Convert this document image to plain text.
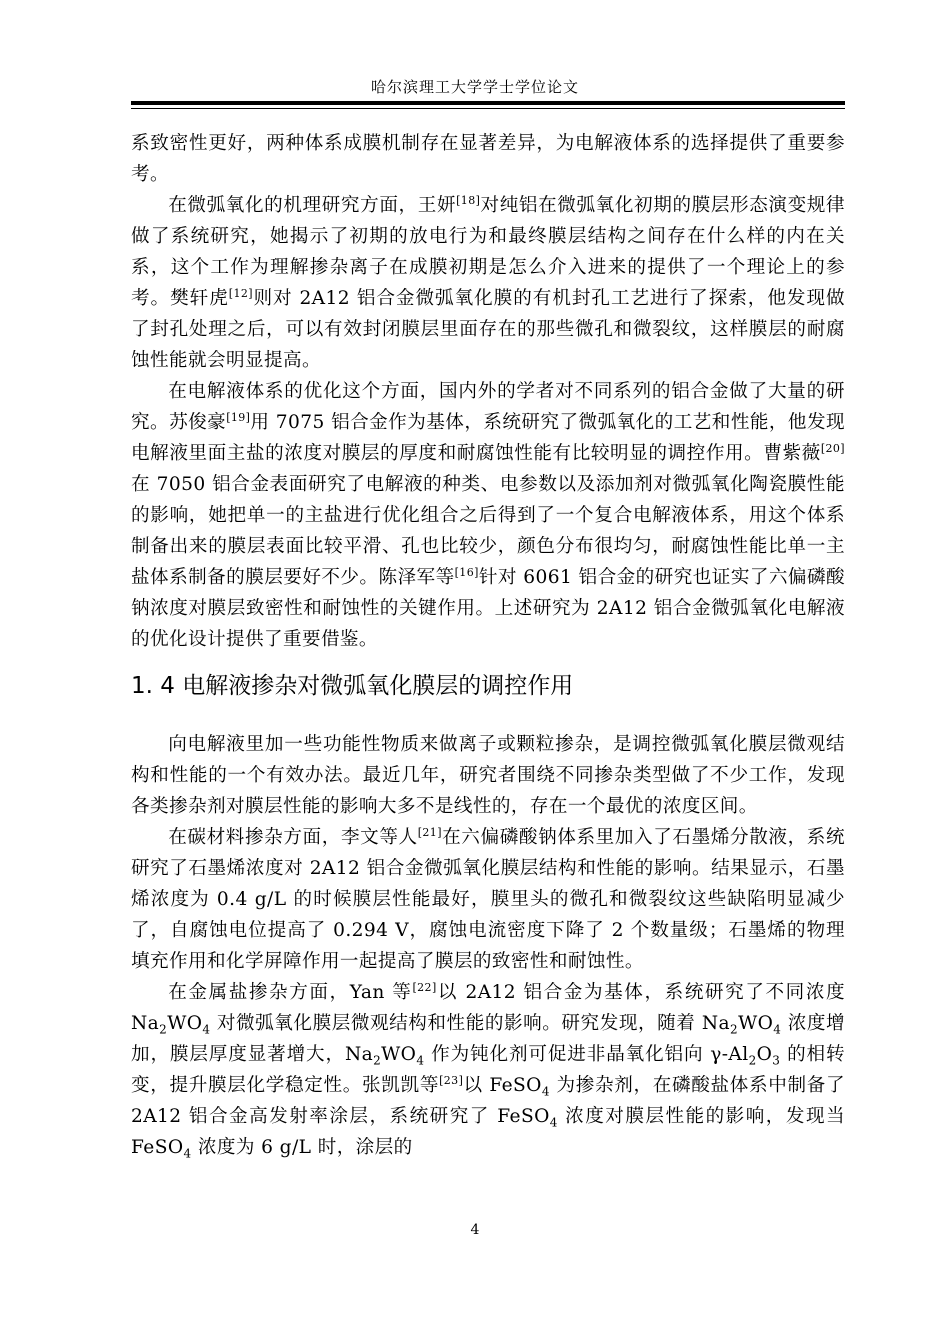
哈尔滨理工大学学士学位论文

系致密性更好，两种体系成膜机制存在显著差异，为电解液体系的选择提供了重要参考。

在微弧氧化的机理研究方面，王妍[18]对纯铝在微弧氧化初期的膜层形态演变规律做了系统研究，她揭示了初期的放电行为和最终膜层结构之间存在什么样的内在关系，这个工作为理解掺杂离子在成膜初期是怎么介入进来的提供了一个理论上的参考。樊轩虎[12]则对 2A12 铝合金微弧氧化膜的有机封孔工艺进行了探索，他发现做了封孔处理之后，可以有效封闭膜层里面存在的那些微孔和微裂纹，这样膜层的耐腐蚀性能就会明显提高。

在电解液体系的优化这个方面，国内外的学者对不同系列的铝合金做了大量的研究。苏俊豪[19]用 7075 铝合金作为基体，系统研究了微弧氧化的工艺和性能，他发现电解液里面主盐的浓度对膜层的厚度和耐腐蚀性能有比较明显的调控作用。曹紫薇[20]在 7050 铝合金表面研究了电解液的种类、电参数以及添加剂对微弧氧化陶瓷膜性能的影响，她把单一的主盐进行优化组合之后得到了一个复合电解液体系，用这个体系制备出来的膜层表面比较平滑、孔也比较少，颜色分布很均匀，耐腐蚀性能比单一主盐体系制备的膜层要好不少。陈泽军等[16]针对 6061 铝合金的研究也证实了六偏磷酸钠浓度对膜层致密性和耐蚀性的关键作用。上述研究为 2A12 铝合金微弧氧化电解液的优化设计提供了重要借鉴。

1. 4 电解液掺杂对微弧氧化膜层的调控作用

向电解液里加一些功能性物质来做离子或颗粒掺杂，是调控微弧氧化膜层微观结构和性能的一个有效办法。最近几年，研究者围绕不同掺杂类型做了不少工作，发现各类掺杂剂对膜层性能的影响大多不是线性的，存在一个最优的浓度区间。

在碳材料掺杂方面，李文等人[21]在六偏磷酸钠体系里加入了石墨烯分散液，系统研究了石墨烯浓度对 2A12 铝合金微弧氧化膜层结构和性能的影响。结果显示，石墨烯浓度为 0.4 g/L 的时候膜层性能最好，膜里头的微孔和微裂纹这些缺陷明显减少了，自腐蚀电位提高了 0.294 V，腐蚀电流密度下降了 2 个数量级；石墨烯的物理填充作用和化学屏障作用一起提高了膜层的致密性和耐蚀性。

在金属盐掺杂方面，Yan 等[22]以 2A12 铝合金为基体，系统研究了不同浓度 $Na_2WO_4$ 对微弧氧化膜层微观结构和性能的影响。研究发现，随着 $Na_2WO_4$ 浓度增加，膜层厚度显著增大，$Na_2WO_4$ 作为钝化剂可促进非晶氧化铝向 $\gamma-Al_2O_3$ 的相转变，提升膜层化学稳定性。张凯凯等[23]以 FeSO$_4$ 为掺杂剂，在磷酸盐体系中制备了 2A12 铝合金高发射率涂层，系统研究了 FeSO$_4$ 浓度对膜层性能的影响，发现当 FeSO$_4$ 浓度为 6 g/L 时，涂层的

4
